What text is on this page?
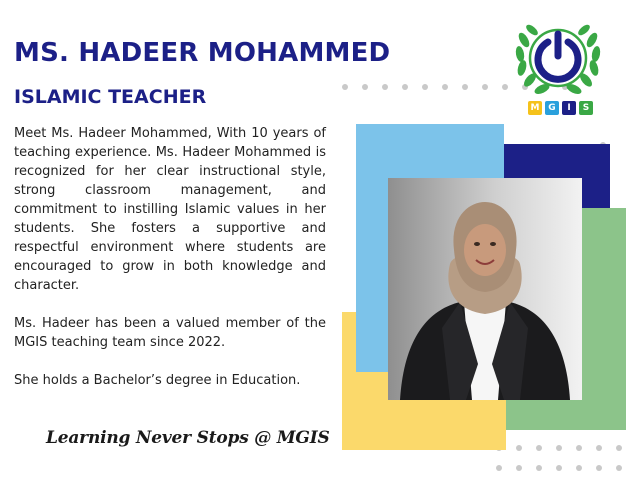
MS. HADEER MOHAMMED
ISLAMIC TEACHER

Meet Ms. Hadeer Mohammed, With 10 years of teaching experience. Ms. Hadeer Mohammed is recognized for her clear instructional style, strong classroom management, and commitment to instilling Islamic values in her students. She fosters a supportive and respectful environment where students are encouraged to grow in both knowledge and character.

Ms. Hadeer has been a valued member of the MGIS teaching team since 2022.

She holds a Bachelor’s degree in Education.

Learning Never Stops @ MGIS
M G	I	S
